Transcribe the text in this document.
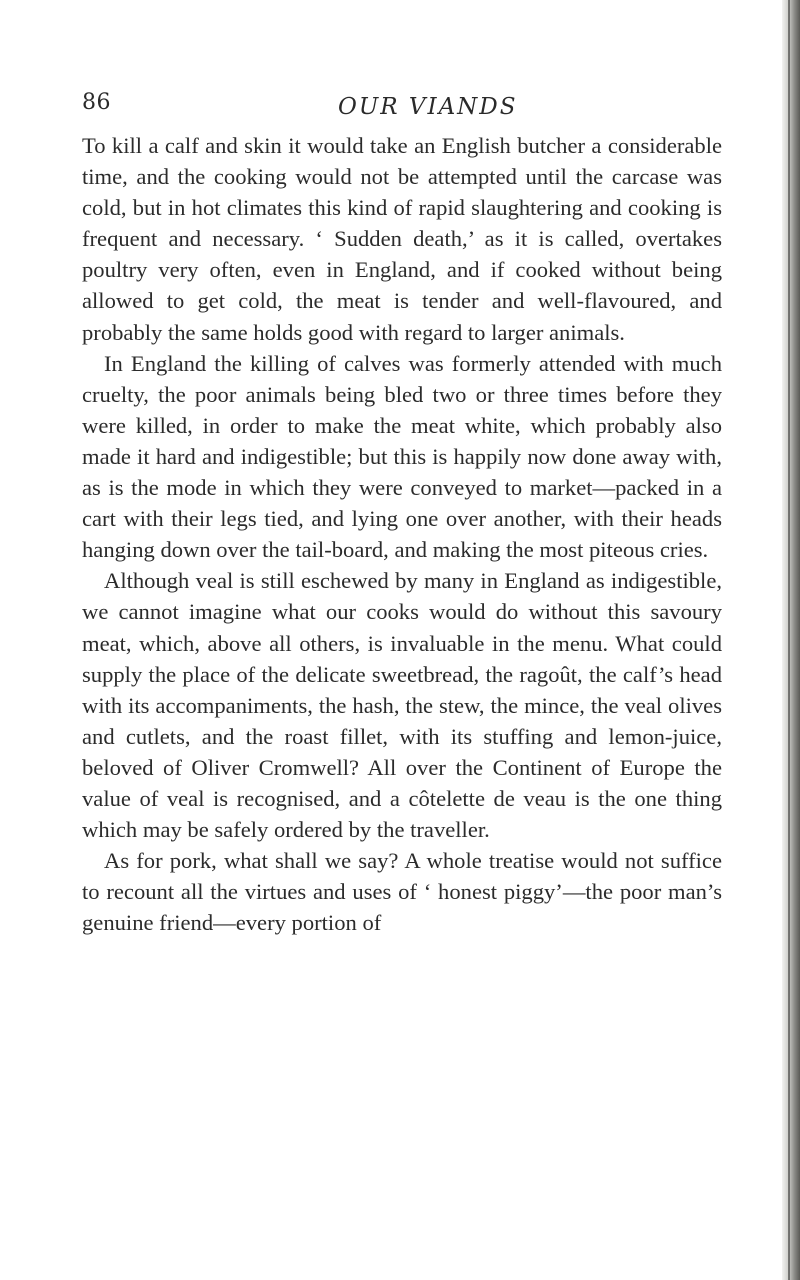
86	OUR VIANDS

To kill a calf and skin it would take an English butcher a considerable time, and the cooking would not be attempted until the carcase was cold, but in hot climates this kind of rapid slaughtering and cooking is frequent and necessary. ‘ Sudden death,’ as it is called, overtakes poultry very often, even in England, and if cooked without being allowed to get cold, the meat is tender and well-flavoured, and probably the same holds good with regard to larger animals.

In England the killing of calves was formerly attended with much cruelty, the poor animals being bled two or three times before they were killed, in order to make the meat white, which probably also made it hard and indigestible; but this is happily now done away with, as is the mode in which they were conveyed to market—packed in a cart with their legs tied, and lying one over another, with their heads hanging down over the tail-board, and making the most piteous cries.

Although veal is still eschewed by many in England as indigestible, we cannot imagine what our cooks would do without this savoury meat, which, above all others, is invaluable in the menu. What could supply the place of the delicate sweetbread, the ragoût, the calf’s head with its accompaniments, the hash, the stew, the mince, the veal olives and cutlets, and the roast fillet, with its stuffing and lemon-juice, beloved of Oliver Cromwell? All over the Continent of Europe the value of veal is recognised, and a côtelette de veau is the one thing which may be safely ordered by the traveller.

As for pork, what shall we say? A whole treatise would not suffice to recount all the virtues and uses of ‘ honest piggy’—the poor man’s genuine friend—every portion of
